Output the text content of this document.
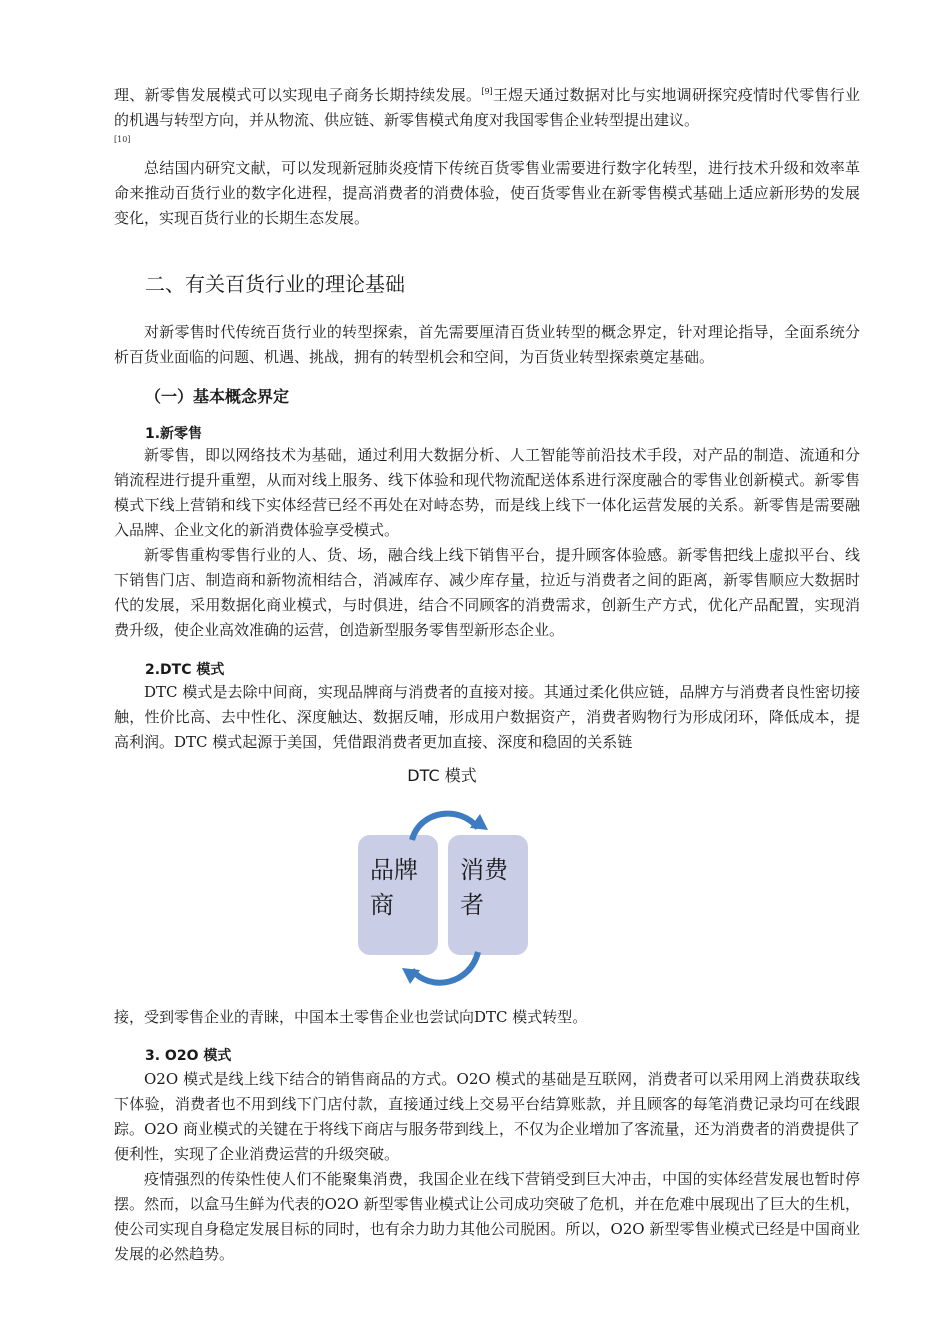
理、新零售发展模式可以实现电子商务长期持续发展。[9]王煜天通过数据对比与实地调研探究疫情时代零售行业的机遇与转型方向，并从物流、供应链、新零售模式角度对我国零售企业转型提出建议。

[10]

总结国内研究文献，可以发现新冠肺炎疫情下传统百货零售业需要进行数字化转型，进行技术升级和效率革命来推动百货行业的数字化进程，提高消费者的消费体验，使百货零售业在新零售模式基础上适应新形势的发展变化，实现百货行业的长期生态发展。

二、有关百货行业的理论基础

对新零售时代传统百货行业的转型探索，首先需要厘清百货业转型的概念界定，针对理论指导，全面系统分析百货业面临的问题、机遇、挑战，拥有的转型机会和空间，为百货业转型探索奠定基础。

（一）基本概念界定
1.新零售

新零售，即以网络技术为基础，通过利用大数据分析、人工智能等前沿技术手段，对产品的制造、流通和分销流程进行提升重塑，从而对线上服务、线下体验和现代物流配送体系进行深度融合的零售业创新模式。新零售模式下线上营销和线下实体经营已经不再处在对峙态势，而是线上线下一体化运营发展的关系。新零售是需要融入品牌、企业文化的新消费体验享受模式。

新零售重构零售行业的人、货、场，融合线上线下销售平台，提升顾客体验感。新零售把线上虚拟平台、线下销售门店、制造商和新物流相结合，消减库存、减少库存量，拉近与消费者之间的距离，新零售顺应大数据时代的发展，采用数据化商业模式，与时俱进，结合不同顾客的消费需求，创新生产方式，优化产品配置，实现消费升级，使企业高效准确的运营，创造新型服务零售型新形态企业。

2.DTC 模式

DTC 模式是去除中间商，实现品牌商与消费者的直接对接。其通过柔化供应链，品牌方与消费者良性密切接触，性价比高、去中性化、深度触达、数据反哺，形成用户数据资产，消费者购物行为形成闭环，降低成本，提高利润。DTC 模式起源于美国，凭借跟消费者更加直接、深度和稳固的关系链

DTC 模式
品牌
商
消费
者

接，受到零售企业的青睐，中国本土零售企业也尝试向DTC 模式转型。

3. O2O 模式

O2O 模式是线上线下结合的销售商品的方式。O2O 模式的基础是互联网，消费者可以采用网上消费获取线下体验，消费者也不用到线下门店付款，直接通过线上交易平台结算账款，并且顾客的每笔消费记录均可在线跟踪。O2O 商业模式的关键在于将线下商店与服务带到线上，不仅为企业增加了客流量，还为消费者的消费提供了便利性，实现了企业消费运营的升级突破。

疫情强烈的传染性使人们不能聚集消费，我国企业在线下营销受到巨大冲击，中国的实体经营发展也暂时停摆。然而，以盒马生鲜为代表的O2O 新型零售业模式让公司成功突破了危机，并在危难中展现出了巨大的生机，使公司实现自身稳定发展目标的同时，也有余力助力其他公司脱困。所以，O2O 新型零售业模式已经是中国商业发展的必然趋势。
